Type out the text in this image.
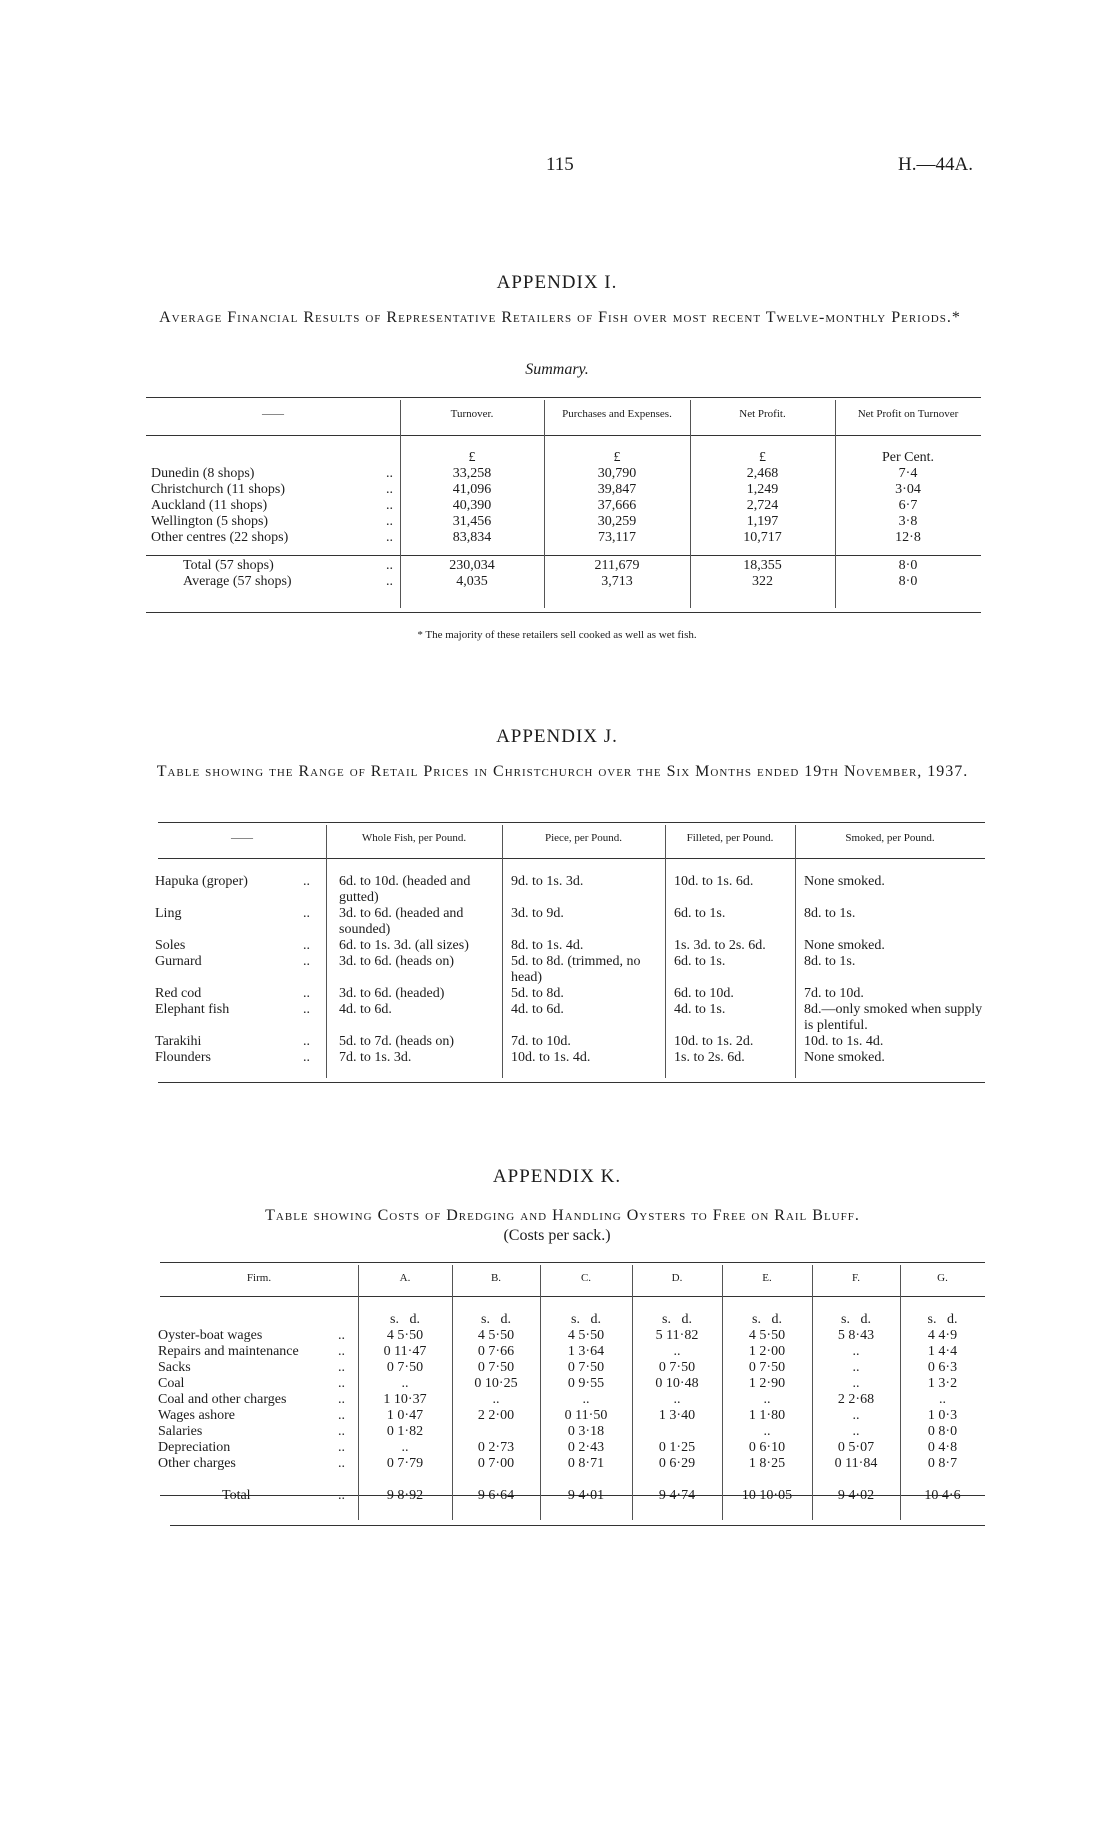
115	H.—44A.
APPENDIX I.
Average Financial Results of Representative Retailers of Fish over most recent Twelve-monthly Periods.*
Summary.
——	Turnover.	Purchases and Expenses.	Net Profit.	Net Profit on Turnover
		£	£	£	Per Cent.
Dunedin (8 shops)	..	33,258	30,790	2,468	7·4
Christchurch (11 shops)	..	41,096	39,847	1,249	3·04
Auckland (11 shops)	..	40,390	37,666	2,724	6·7
Wellington (5 shops)	..	31,456	30,259	1,197	3·8
Other centres (22 shops)	..	83,834	73,117	10,717	12·8

Total (57 shops)	..	230,034	211,679	18,355	8·0
Average (57 shops)	..	4,035	3,713	322	8·0
* The majority of these retailers sell cooked as well as wet fish.
APPENDIX J.
Table showing the Range of Retail Prices in Christchurch over the Six Months ended 19th November, 1937.
——	Whole Fish, per Pound.	Piece, per Pound.	Filleted, per Pound.	Smoked, per Pound.
Hapuka (groper)	..	6d. to 10d. (headed and gutted)	9d. to 1s. 3d.	10d. to 1s. 6d.	None smoked.
Ling	..	3d. to 6d. (headed and sounded)	3d. to 9d.	6d. to 1s.	8d. to 1s.
Soles	..	6d. to 1s. 3d. (all sizes)	8d. to 1s. 4d.	1s. 3d. to 2s. 6d.	None smoked.
Gurnard	..	3d. to 6d. (heads on)	5d. to 8d. (trimmed, no head)	6d. to 1s.	8d. to 1s.
Red cod	..	3d. to 6d. (headed)	5d. to 8d.	6d. to 10d.	7d. to 10d.
Elephant fish	..	4d. to 6d.	4d. to 6d.	4d. to 1s.	8d.—only smoked when supply is plentiful.
Tarakihi	..	5d. to 7d. (heads on)	7d. to 10d.	10d. to 1s. 2d.	10d. to 1s. 4d.
Flounders	..	7d. to 1s. 3d.	10d. to 1s. 4d.	1s. to 2s. 6d.	None smoked.
APPENDIX K.
Table showing Costs of Dredging and Handling Oysters to Free on Rail Bluff.
(Costs per sack.)
Firm.	A.	B.	C.	D.	E.	F.	G.
		s. d.	s. d.	s. d.	s. d.	s. d.	s. d.	s. d.
Oyster-boat wages	..	4 5·50	4 5·50	4 5·50	5 11·82	4 5·50	5 8·43	4 4·9
Repairs and maintenance	..	0 11·47	0 7·66	1 3·64	..	1 2·00	..	1 4·4
Sacks	..	0 7·50	0 7·50	0 7·50	0 7·50	0 7·50	..	0 6·3
Coal	..	..	0 10·25	0 9·55	0 10·48	1 2·90	..	1 3·2
Coal and other charges	..	1 10·37	..	..	..	..	2 2·68	..
Wages ashore	..	1 0·47	2 2·00	0 11·50	1 3·40	1 1·80	..	1 0·3
Salaries	..	0 1·82		0 3·18		..	..	0 8·0
Depreciation	..	..	0 2·73	0 2·43	0 1·25	0 6·10	0 5·07	0 4·8
Other charges	..	0 7·79	0 7·00	0 8·71	0 6·29	1 8·25	0 11·84	0 8·7

Total	..	9 8·92	9 6·64	9 4·01	9 4·74	10 10·05	9 4·02	10 4·6
